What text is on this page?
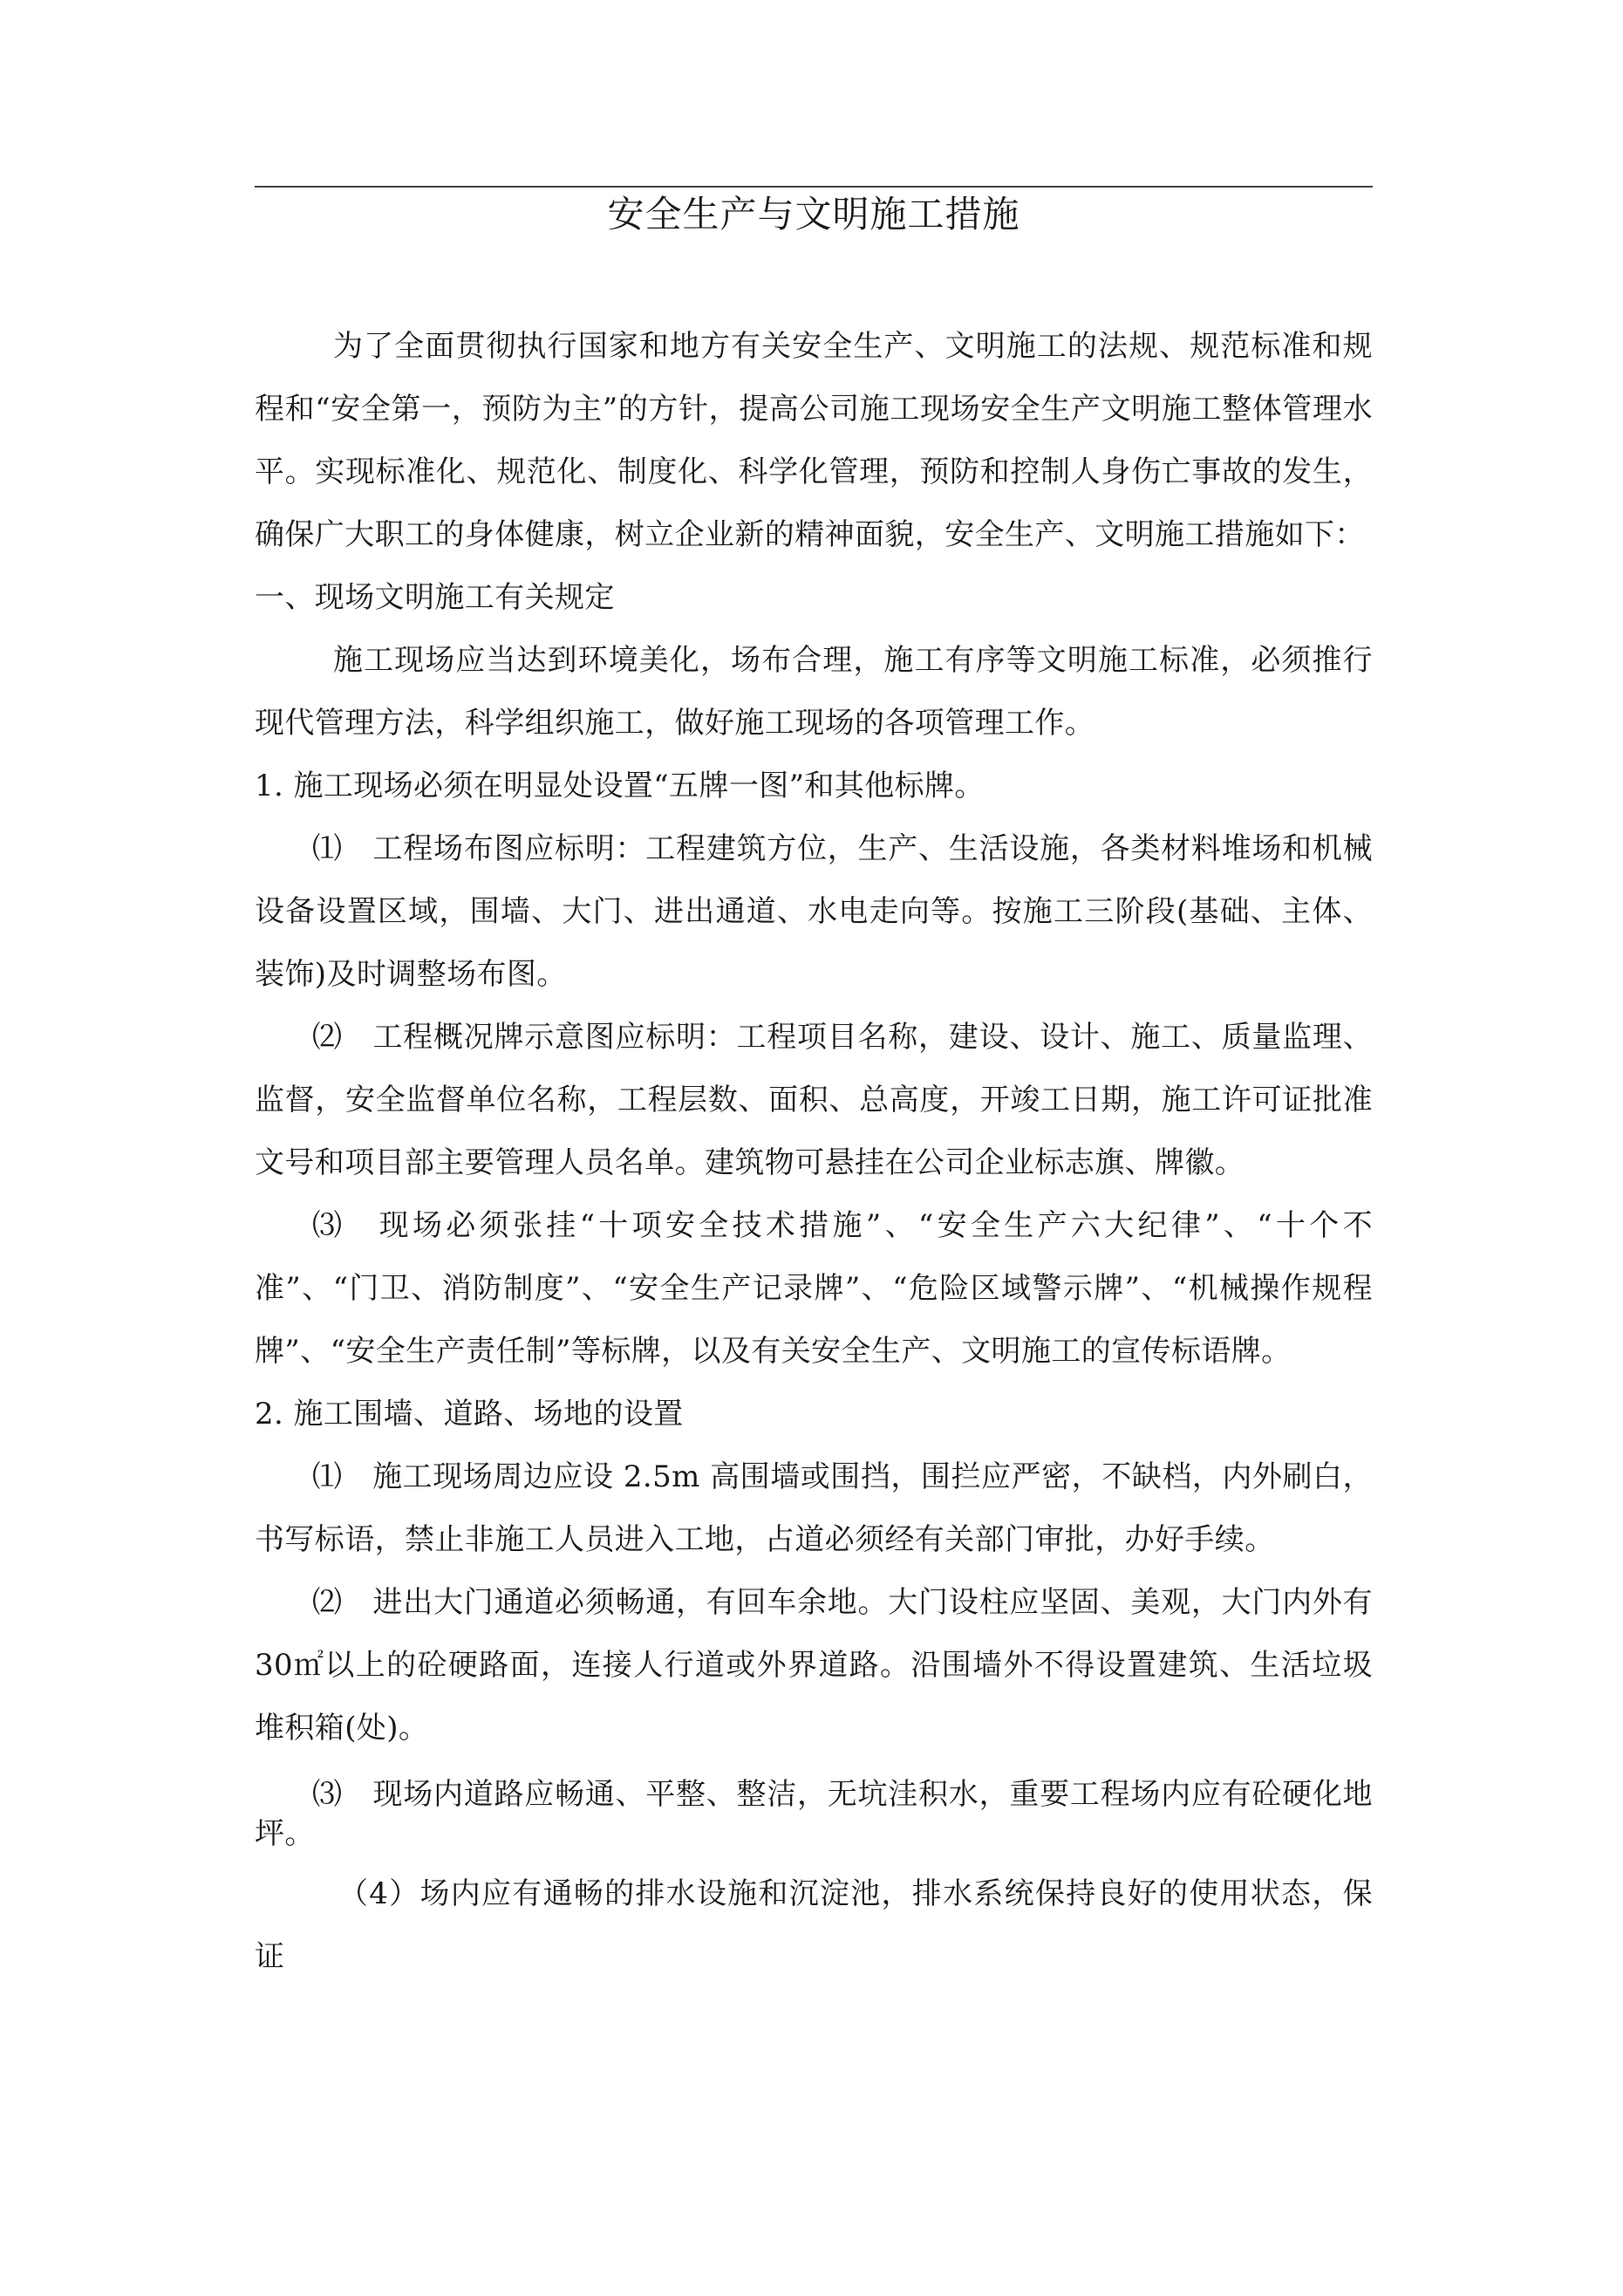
安全生产与文明施工措施

为了全面贯彻执行国家和地方有关安全生产、文明施工的法规、规范标准和规程和“安全第一，预防为主”的方针，提高公司施工现场安全生产文明施工整体管理水平。实现标准化、规范化、制度化、科学化管理，预防和控制人身伤亡事故的发生，确保广大职工的身体健康，树立企业新的精神面貌，安全生产、文明施工措施如下：

一、现场文明施工有关规定

施工现场应当达到环境美化，场布合理，施工有序等文明施工标准，必须推行现代管理方法，科学组织施工，做好施工现场的各项管理工作。

1. 施工现场必须在明显处设置“五牌一图”和其他标牌。

⑴　工程场布图应标明：工程建筑方位，生产、生活设施，各类材料堆场和机械设备设置区域，围墙、大门、进出通道、水电走向等。按施工三阶段(基础、主体、装饰)及时调整场布图。

⑵　工程概况牌示意图应标明：工程项目名称，建设、设计、施工、质量监理、监督，安全监督单位名称，工程层数、面积、总高度，开竣工日期，施工许可证批准文号和项目部主要管理人员名单。建筑物可悬挂在公司企业标志旗、牌徽。

⑶　现场必须张挂“十项安全技术措施”、“安全生产六大纪律”、“十个不准”、“门卫、消防制度”、“安全生产记录牌”、“危险区域警示牌”、“机械操作规程牌”、“安全生产责任制”等标牌，以及有关安全生产、文明施工的宣传标语牌。

2. 施工围墙、道路、场地的设置

⑴　施工现场周边应设 2.5m 高围墙或围挡，围拦应严密，不缺档，内外刷白，书写标语，禁止非施工人员进入工地，占道必须经有关部门审批，办好手续。

⑵　进出大门通道必须畅通，有回车余地。大门设柱应坚固、美观，大门内外有 30㎡以上的砼硬路面，连接人行道或外界道路。沿围墙外不得设置建筑、生活垃圾堆积箱(处)。

⑶　现场内道路应畅通、平整、整洁，无坑洼积水，重要工程场内应有砼硬化地坪。

（4）场内应有通畅的排水设施和沉淀池，排水系统保持良好的使用状态，保证
